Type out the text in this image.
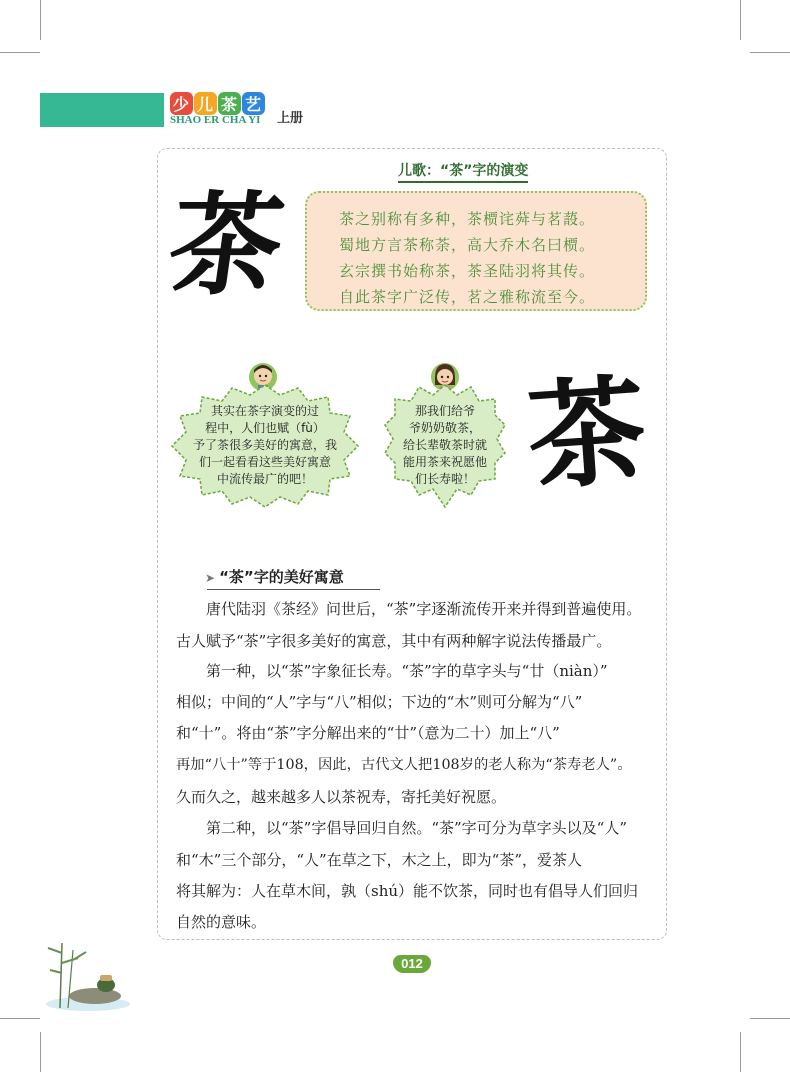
少 儿 茶 艺
SHAO ER CHA YI 上册
儿歌：“茶”字的演变
茶	茶之别称有多种，茶槚诧荈与茗蔎。
蜀地方言茶称荼，高大乔木名曰槚。
玄宗撰书始称茶，茶圣陆羽将其传。
自此茶字广泛传，茗之雅称流至今。
其实在茶字演变的过
程中，人们也赋（fù）
予了茶很多美好的寓意，我
们一起看看这些美好寓意
中流传最广的吧！
那我们给爷
爷奶奶敬茶，
给长辈敬茶时就
能用茶来祝愿他
们长寿啦！ 茶
➤ “茶”字的美好寓意
　　唐代陆羽《茶经》问世后，“茶”字逐渐流传开来并得到普遍使用。
古人赋予“茶”字很多美好的寓意，其中有两种解字说法传播最广。
　　第一种，以“茶”字象征长寿。“茶”字的草字头与“廿（niàn）”
相似；中间的“人”字与“八”相似；下边的“木”则可分解为“八”
和“十”。将由“茶”字分解出来的“廿”（意为二十）加上“八”
再加“八十”等于108，因此，古代文人把108岁的老人称为“茶寿老人”。
久而久之，越来越多人以茶祝寿，寄托美好祝愿。
　　第二种，以“茶”字倡导回归自然。“茶”字可分为草字头以及“人”
和“木”三个部分，“人”在草之下，木之上，即为“茶”，爱茶人
将其解为：人在草木间，孰（shú）能不饮茶，同时也有倡导人们回归
自然的意味。
012
